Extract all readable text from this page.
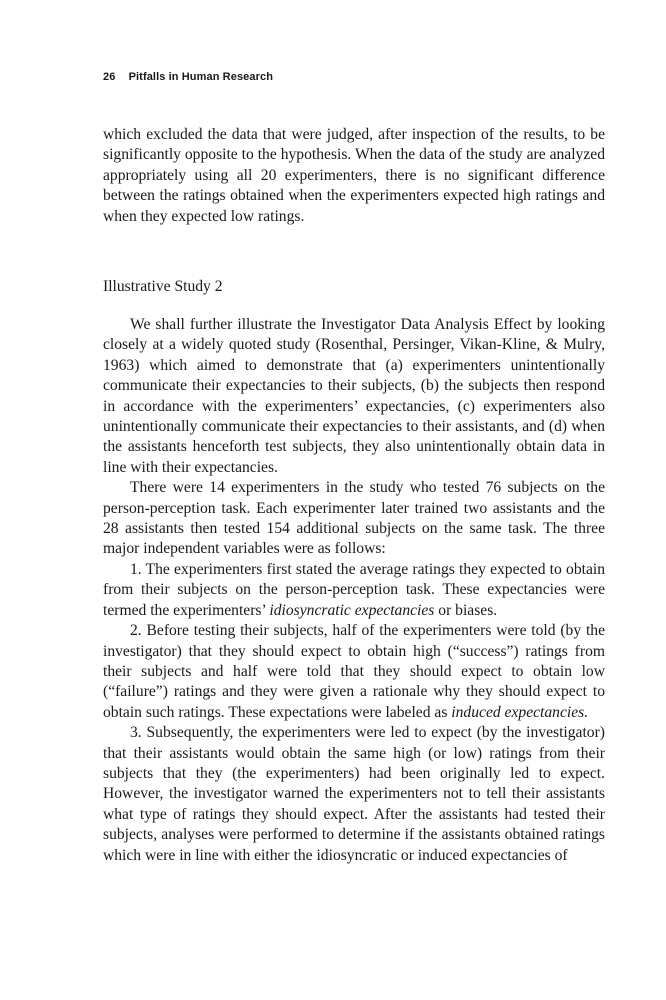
26 Pitfalls in Human Research

which excluded the data that were judged, after inspection of the results, to be significantly opposite to the hypothesis. When the data of the study are analyzed appropriately using all 20 experimenters, there is no significant difference between the ratings obtained when the experimenters expected high ratings and when they expected low ratings.

Illustrative Study 2

We shall further illustrate the Investigator Data Analysis Effect by looking closely at a widely quoted study (Rosenthal, Persinger, Vikan-Kline, & Mulry, 1963) which aimed to demonstrate that (a) experimenters unintentionally communicate their expectancies to their subjects, (b) the subjects then respond in accordance with the experimenters’ expectancies, (c) experimenters also unintentionally communicate their expectancies to their assistants, and (d) when the assistants henceforth test subjects, they also unintentionally obtain data in line with their expectancies.

There were 14 experimenters in the study who tested 76 subjects on the person-perception task. Each experimenter later trained two assistants and the 28 assistants then tested 154 additional subjects on the same task. The three major independent variables were as follows:

1. The experimenters first stated the average ratings they expected to obtain from their subjects on the person-perception task. These expectancies were termed the experimenters’ idiosyncratic expectancies or biases.

2. Before testing their subjects, half of the experimenters were told (by the investigator) that they should expect to obtain high (“success”) ratings from their subjects and half were told that they should expect to obtain low (“failure”) ratings and they were given a rationale why they should expect to obtain such ratings. These expectations were labeled as induced expectancies.

3. Subsequently, the experimenters were led to expect (by the investigator) that their assistants would obtain the same high (or low) ratings from their subjects that they (the experimenters) had been originally led to expect. However, the investigator warned the experimenters not to tell their assistants what type of ratings they should expect. After the assistants had tested their subjects, analyses were performed to determine if the assistants obtained ratings which were in line with either the idiosyncratic or induced expectancies of
